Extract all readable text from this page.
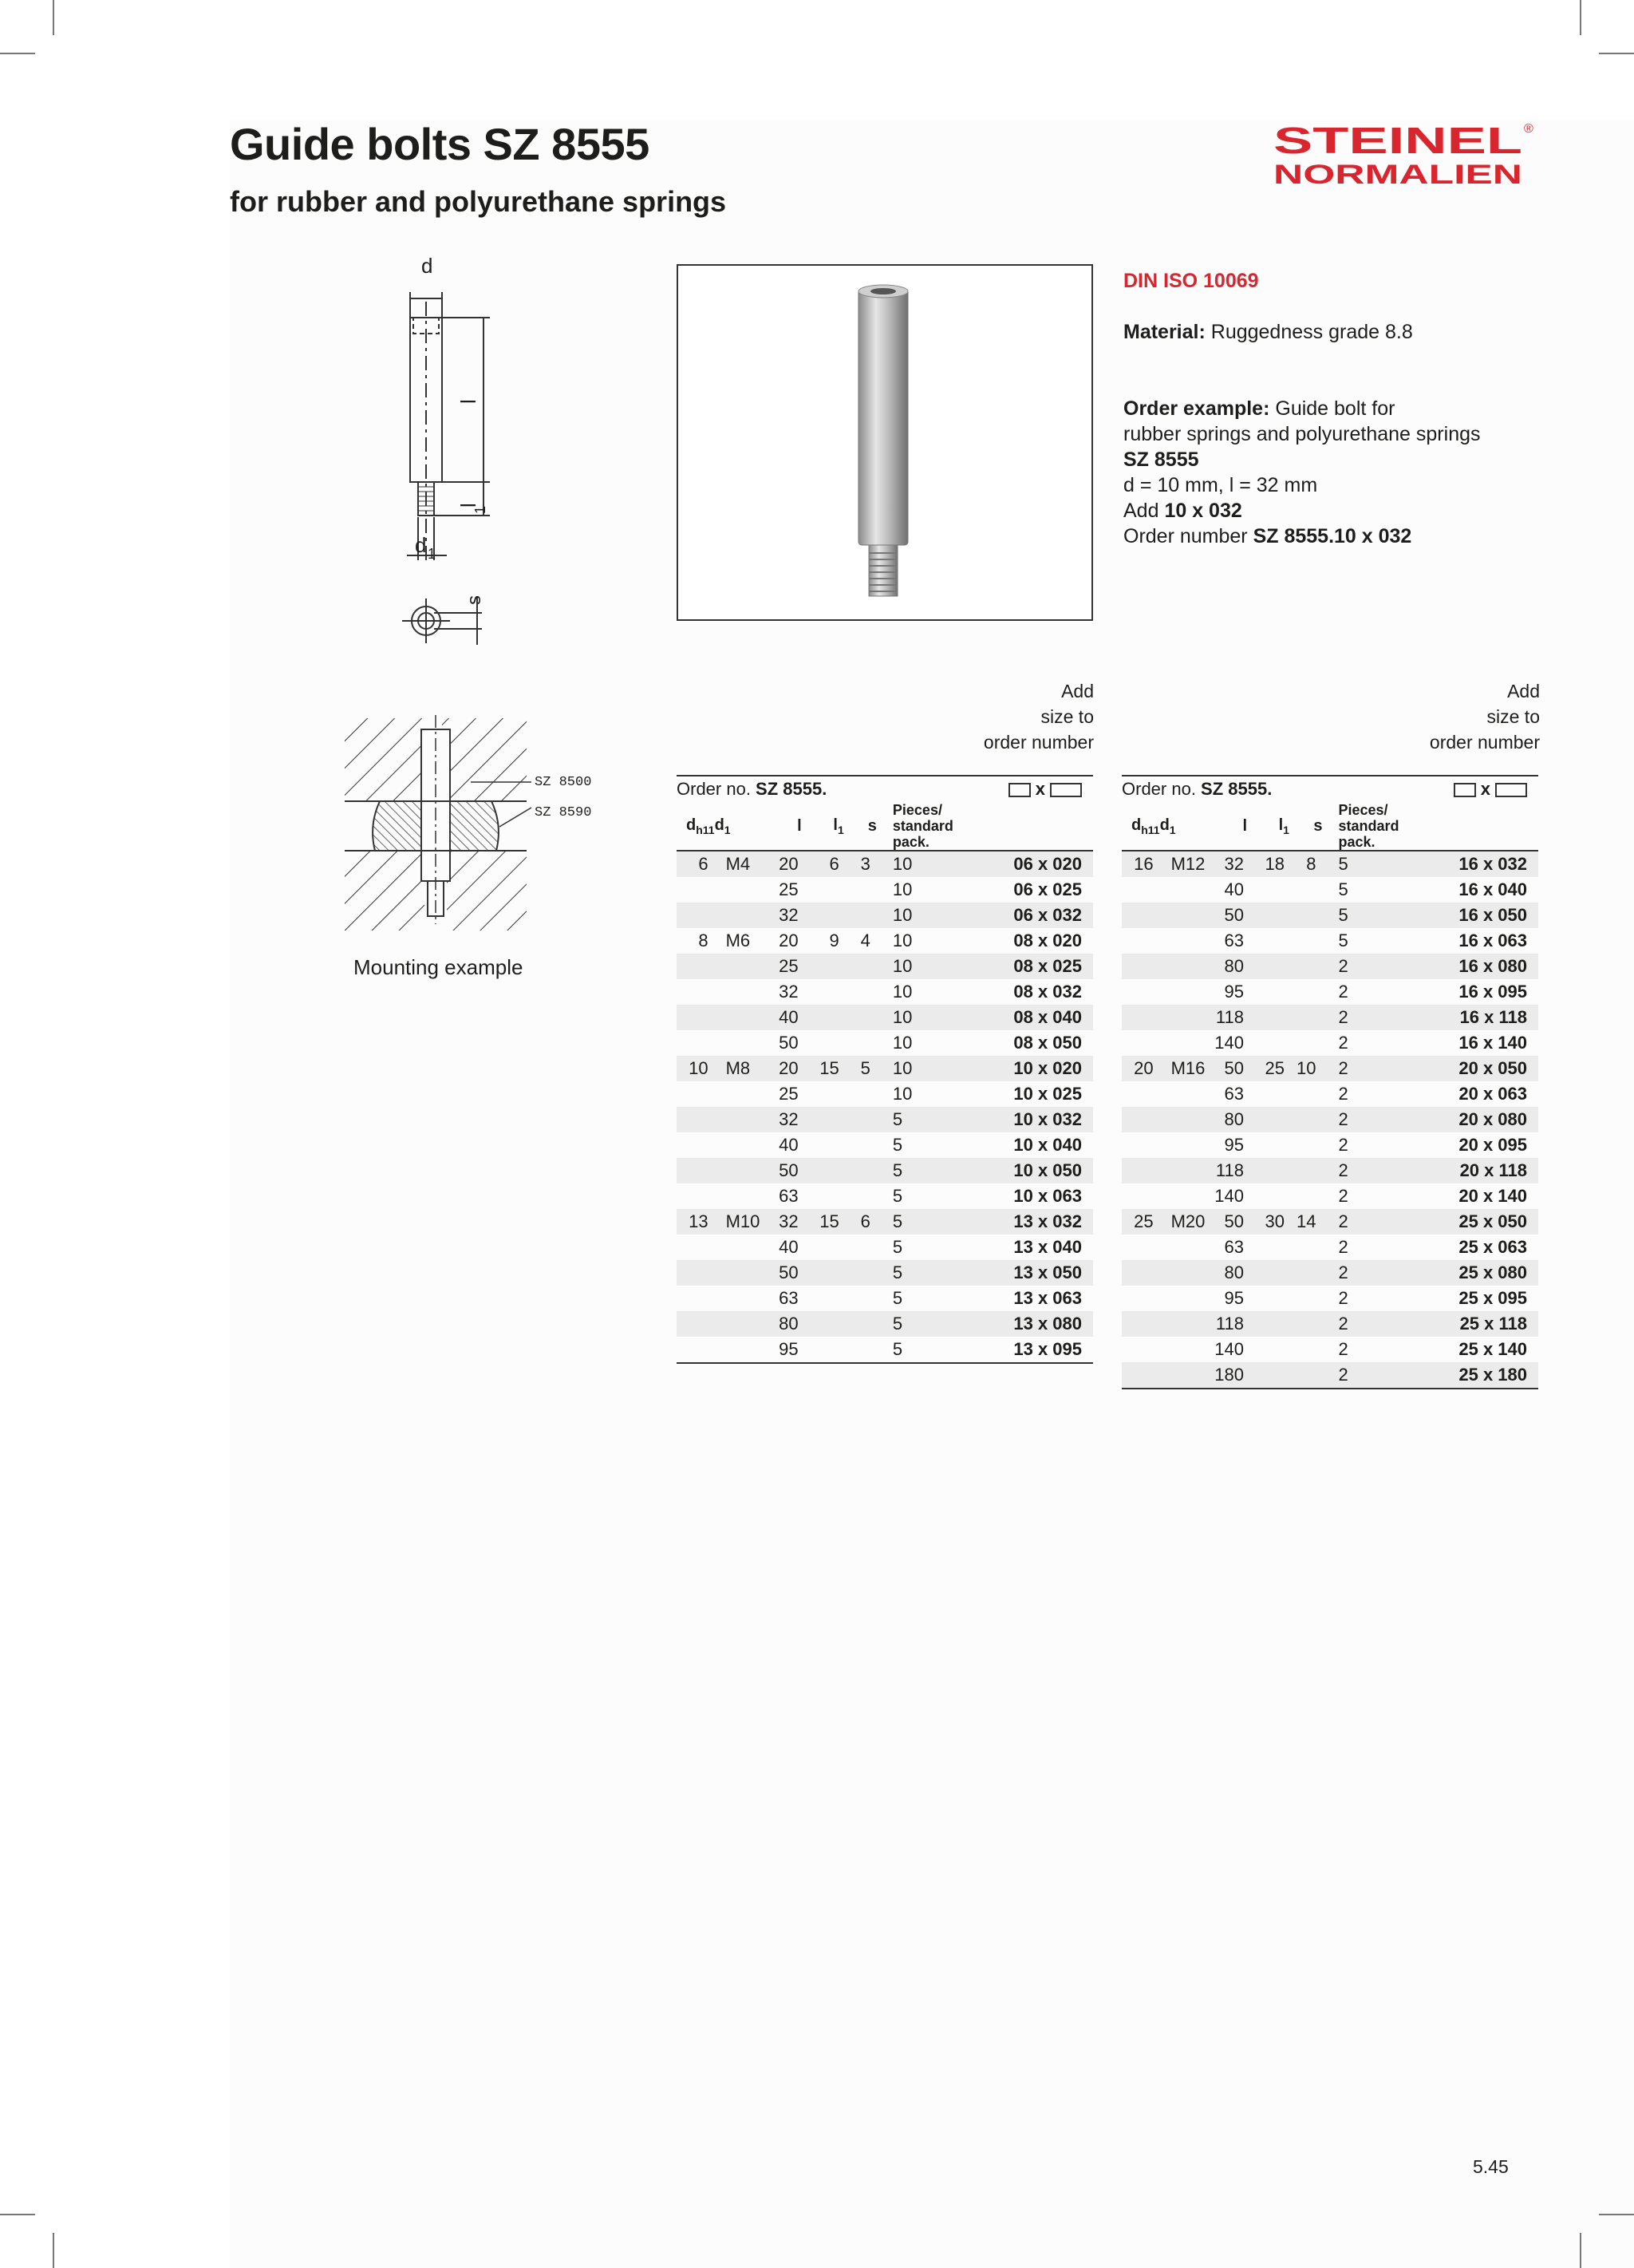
Guide bolts SZ 8555
for rubber and polyurethane springs
STEINEL
NORMALIEN
®
d
l
l
1
d 1
s
DIN ISO 10069
Material: Ruggedness grade 8.8
Order example: Guide bolt for
rubber springs and polyurethane springs
SZ 8555
d = 10 mm, l = 32 mm
Add 10 x 032
Order number SZ 8555.10 x 032
SZ 8500
SZ 8590
Mounting example
Add
size to
order number
Add
size to
order number
Order no. SZ 8555.					x	
$d_{h11}$	$d_1$	l	$l_1$	s	Pieces/
standard
pack.	

6	M4	20	6	3	10	06 x 020
		25			10	06 x 025
		32			10	06 x 032
8	M6	20	9	4	10	08 x 020
		25			10	08 x 025
		32			10	08 x 032
		40			10	08 x 040
		50			10	08 x 050
10	M8	20	15	5	10	10 x 020
		25			10	10 x 025
		32			5	10 x 032
		40			5	10 x 040
		50			5	10 x 050
		63			5	10 x 063
13	M10	32	15	6	5	13 x 032
		40			5	13 x 040
		50			5	13 x 050
		63			5	13 x 063
		80			5	13 x 080
		95			5	13 x 095
Order no. SZ 8555.					x	
$d_{h11}$	$d_1$	l	$l_1$	s	Pieces/
standard
pack.	

16	M12	32	18	8	5	16 x 032
		40			5	16 x 040
		50			5	16 x 050
		63			5	16 x 063
		80			2	16 x 080
		95			2	16 x 095
		118			2	16 x 118
		140			2	16 x 140
20	M16	50	25	10	2	20 x 050
		63			2	20 x 063
		80			2	20 x 080
		95			2	20 x 095
		118			2	20 x 118
		140			2	20 x 140
25	M20	50	30	14	2	25 x 050
		63			2	25 x 063
		80			2	25 x 080
		95			2	25 x 095
		118			2	25 x 118
		140			2	25 x 140
		180			2	25 x 180
5.45
